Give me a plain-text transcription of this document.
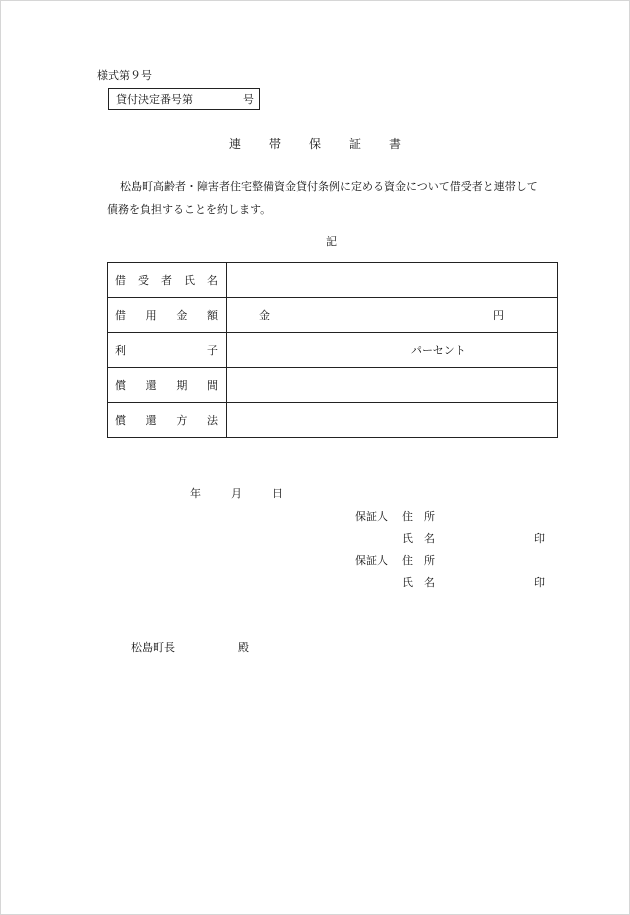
様式第９号
貸付決定番号第	号
連 帯 保 証 書
松島町高齢者・障害者住宅整備資金貸付条例に定める資金について借受者と連帯して
債務を負担することを約します。
記
借 受 者 氏 名	

借 用 金 額	金 円

利 子	パーセント

償 還 期 間	

償 還 方 法	

年	月	日
保証人 住　所
氏　名	印
保証人 住　所
氏　名	印
松島町長	殿
